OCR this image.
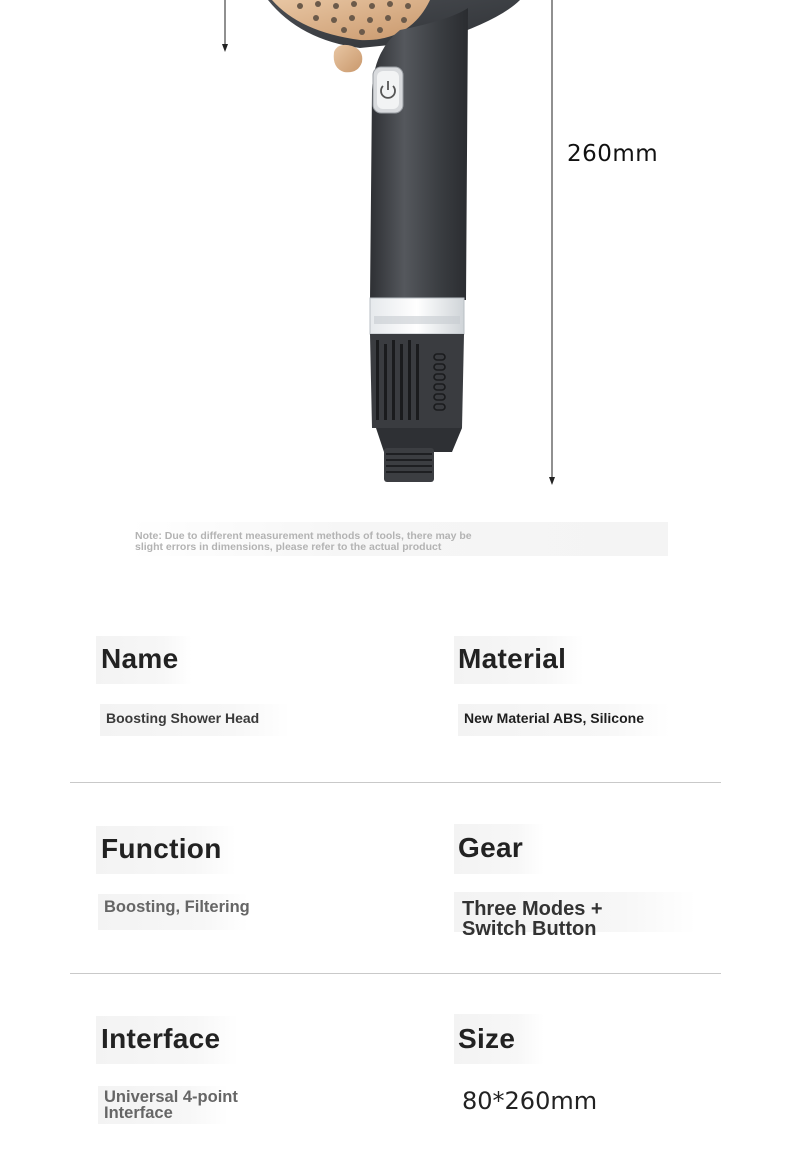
260mm
Note: Due to different measurement methods of tools, there may be
slight errors in dimensions, please refer to the actual product
Name
Boosting Shower Head
Material
New Material ABS, Silicone
Function
Boosting, Filtering
Gear
Three Modes +
Switch Button
Interface
Universal 4-point
Interface
Size
80*260mm
